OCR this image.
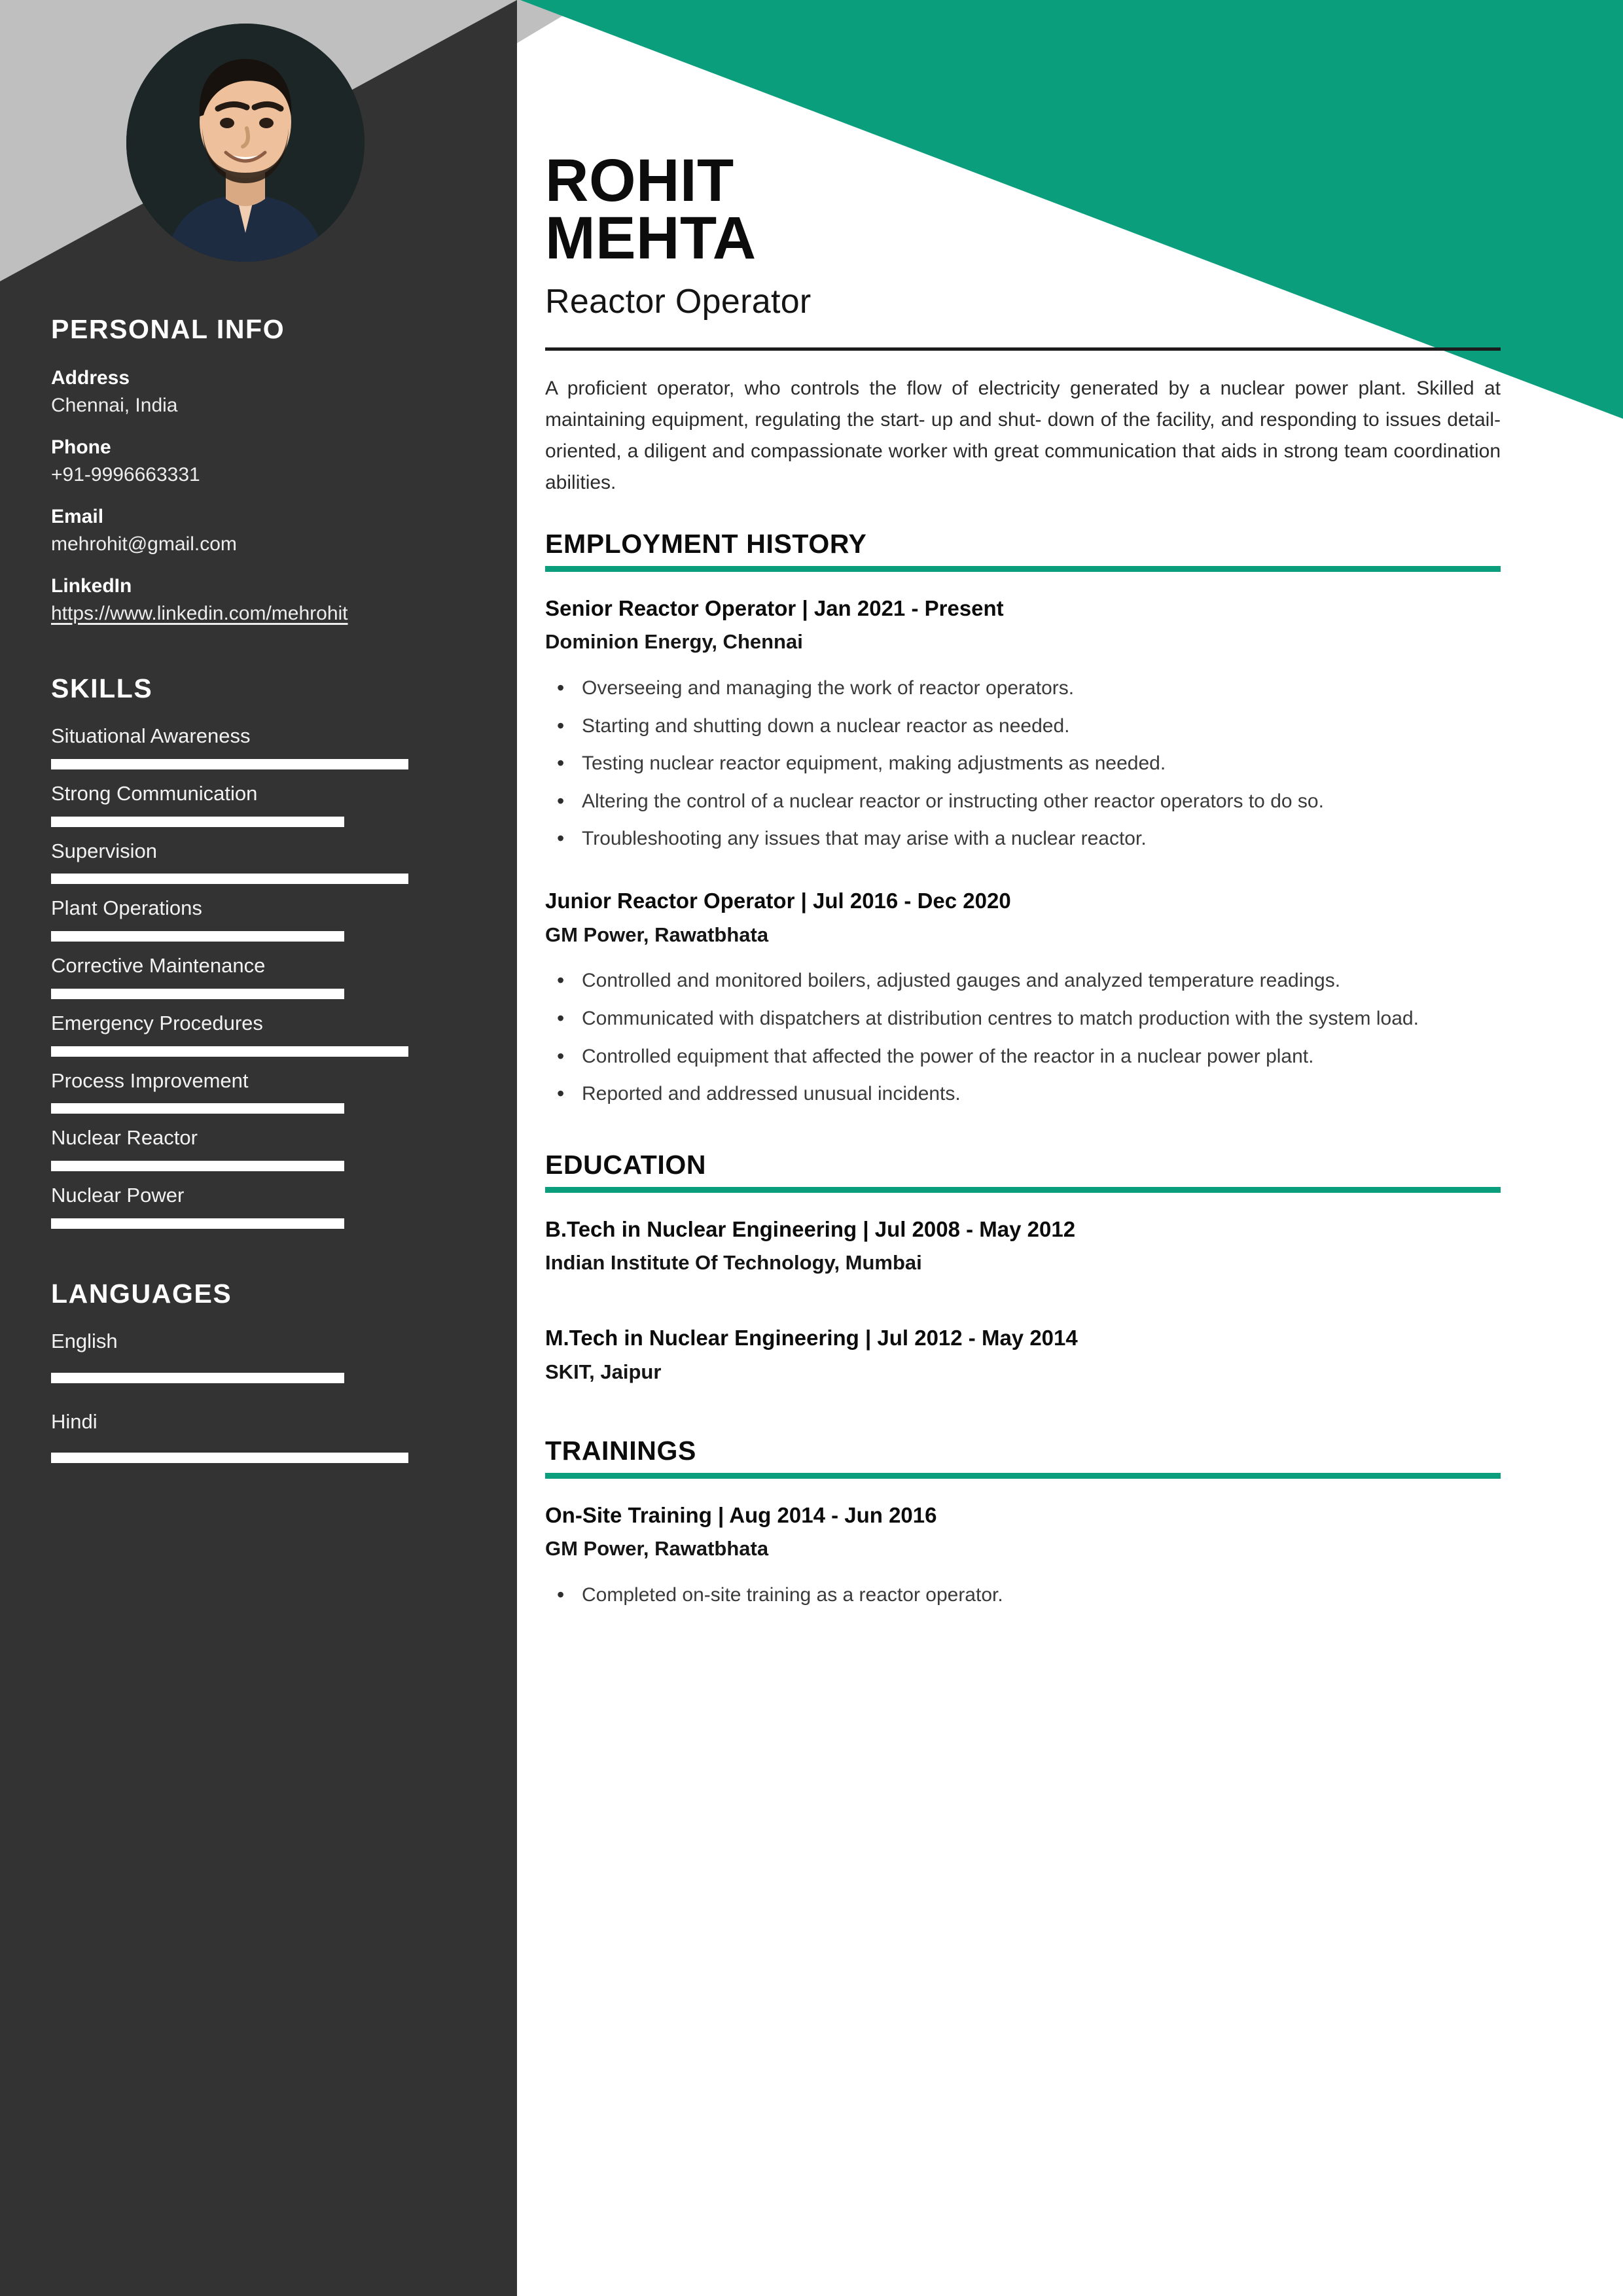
PERSONAL INFO
Address
Chennai, India
Phone
+91-9996663331
Email
mehrohit@gmail.com
LinkedIn
https://www.linkedin.com/mehrohit
SKILLS
Situational Awareness
Strong Communication
Supervision
Plant Operations
Corrective Maintenance
Emergency Procedures
Process Improvement
Nuclear Reactor
Nuclear Power
LANGUAGES
English
Hindi
ROHIT
MEHTA
Reactor Operator
A proficient operator, who controls the flow of electricity generated by a nuclear power plant. Skilled at maintaining equipment, regulating the start- up and shut- down of the facility, and responding to issues detail- oriented, a diligent and compassionate worker with great communication that aids in strong team coordination abilities.
EMPLOYMENT HISTORY
Senior Reactor Operator | Jan 2021 - Present
Dominion Energy, Chennai
• Overseeing and managing the work of reactor operators.
• Starting and shutting down a nuclear reactor as needed.
• Testing nuclear reactor equipment, making adjustments as needed.
• Altering the control of a nuclear reactor or instructing other reactor operators to do so.
• Troubleshooting any issues that may arise with a nuclear reactor.
Junior Reactor Operator | Jul 2016 - Dec 2020
GM Power, Rawatbhata
• Controlled and monitored boilers, adjusted gauges and analyzed temperature readings.
• Communicated with dispatchers at distribution centres to match production with the system load.
• Controlled equipment that affected the power of the reactor in a nuclear power plant.
• Reported and addressed unusual incidents.
EDUCATION
B.Tech in Nuclear Engineering | Jul 2008 - May 2012
Indian Institute Of Technology, Mumbai
M.Tech in Nuclear Engineering | Jul 2012 - May 2014
SKIT, Jaipur
TRAININGS
On-Site Training | Aug 2014 - Jun 2016
GM Power, Rawatbhata
• Completed on-site training as a reactor operator.
